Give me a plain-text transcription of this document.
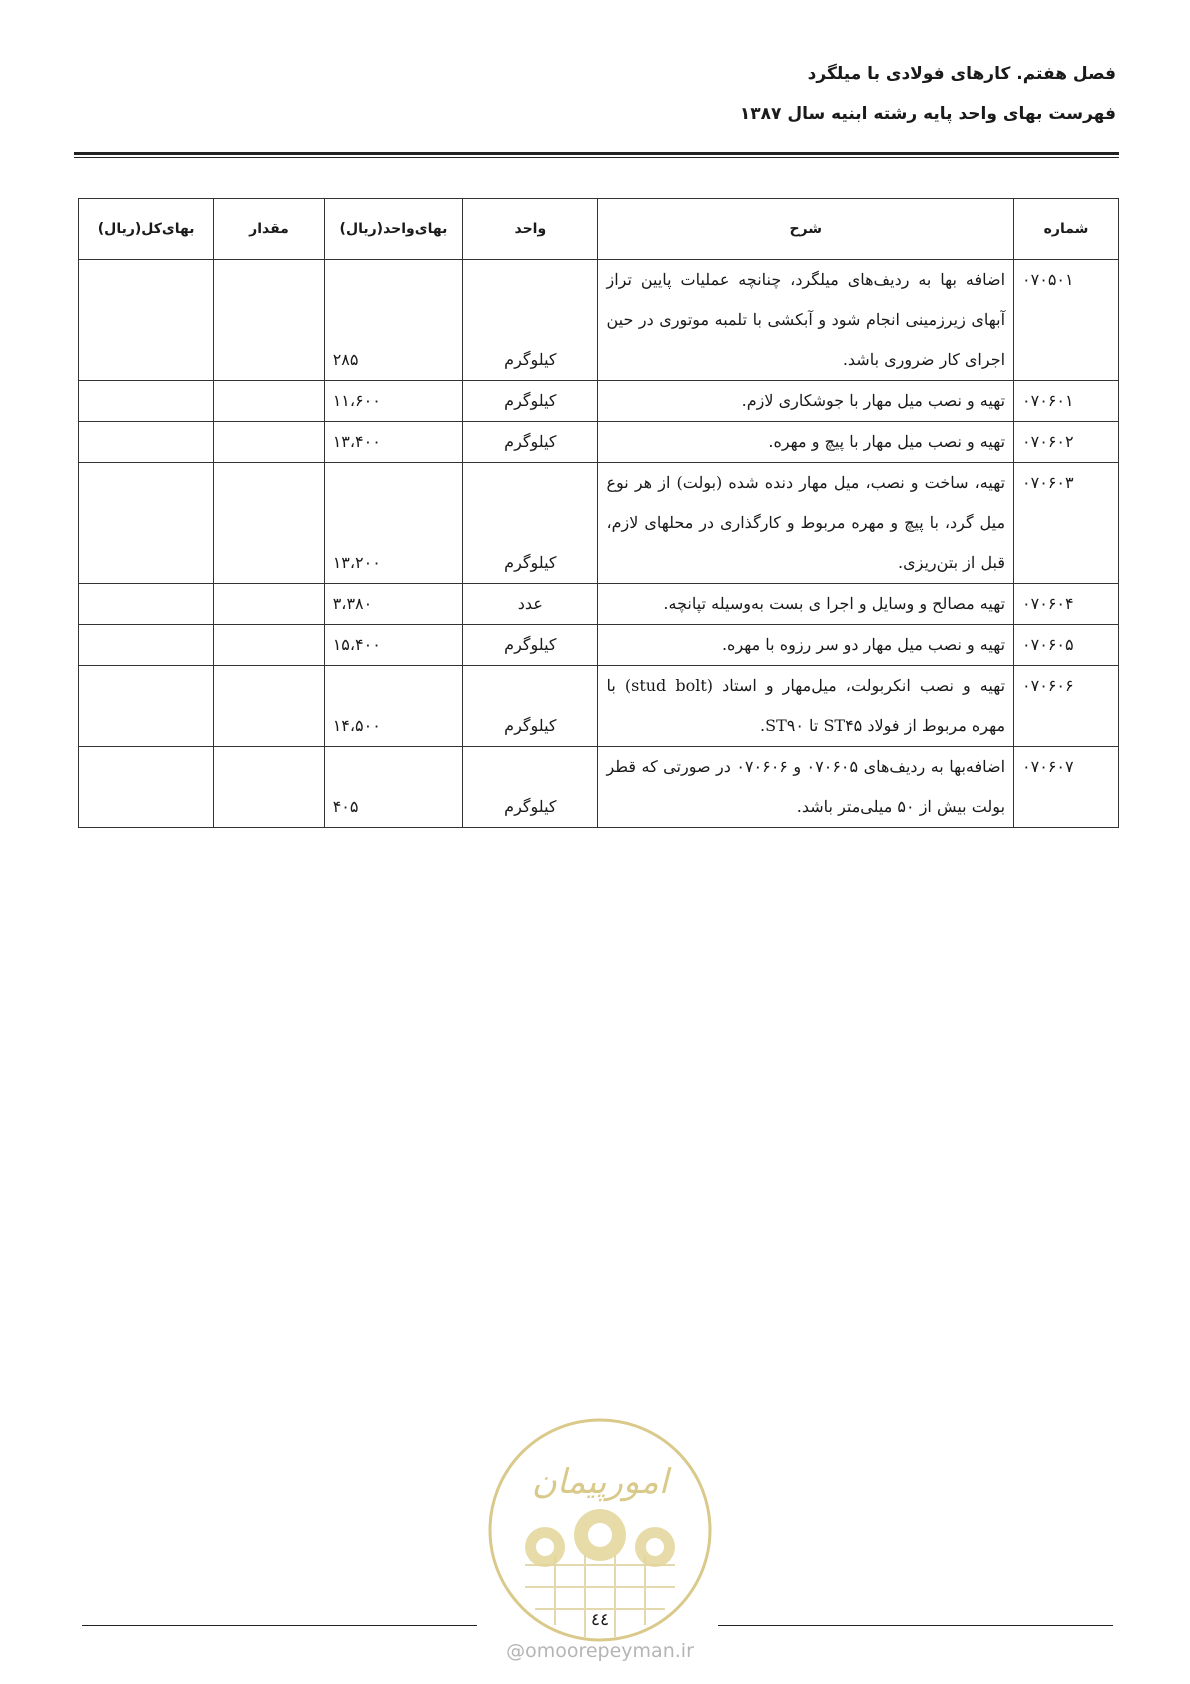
فصل هفتم. کارهای فولادی با میلگرد
فهرست بهای واحد پایه رشته ابنیه سال ۱۳۸۷
شماره	شرح	واحد	بهای‌واحد(ریال)	مقدار	بهای‌کل(ریال)
۰۷۰۵۰۱	اضافه بها به ردیف‌های میلگرد، چنانچه عملیات پایین تراز آبهای زیرزمینی انجام شود و آبکشی با تلمبه موتوری در حین اجرای کار ضروری باشد.	کیلوگرم	۲۸۵		
۰۷۰۶۰۱	تهیه و نصب میل مهار با جوشکاری لازم.	کیلوگرم	۱۱،۶۰۰		
۰۷۰۶۰۲	تهیه و نصب میل مهار با پیچ و مهره.	کیلوگرم	۱۳،۴۰۰		
۰۷۰۶۰۳	تهیه، ساخت و نصب، میل مهار دنده شده (بولت) از هر نوع میل گرد، با پیچ و مهره مربوط و کارگذاری در محلهای لازم، قبل از بتن‌ریزی.	کیلوگرم	۱۳،۲۰۰		
۰۷۰۶۰۴	تهیه مصالح و وسایل و اجرا ی بست به‌وسیله تپانچه.	عدد	۳،۳۸۰		
۰۷۰۶۰۵	تهیه و نصب میل مهار دو سر رزوه با مهره.	کیلوگرم	۱۵،۴۰۰		
۰۷۰۶۰۶	تهیه و نصب انکربولت، میل‌مهار و استاد (stud bolt) با مهره مربوط از فولاد ST۴۵ تا ST۹۰.	کیلوگرم	۱۴،۵۰۰		
۰۷۰۶۰۷	اضافه‌بها به ردیف‌های ۰۷۰۶۰۵ و ۰۷۰۶۰۶ در صورتی که قطر بولت بیش از ۵۰ میلی‌متر باشد.	کیلوگرم	۴۰۵		
امورپیمان
٤٤
@omoorepeyman.ir
